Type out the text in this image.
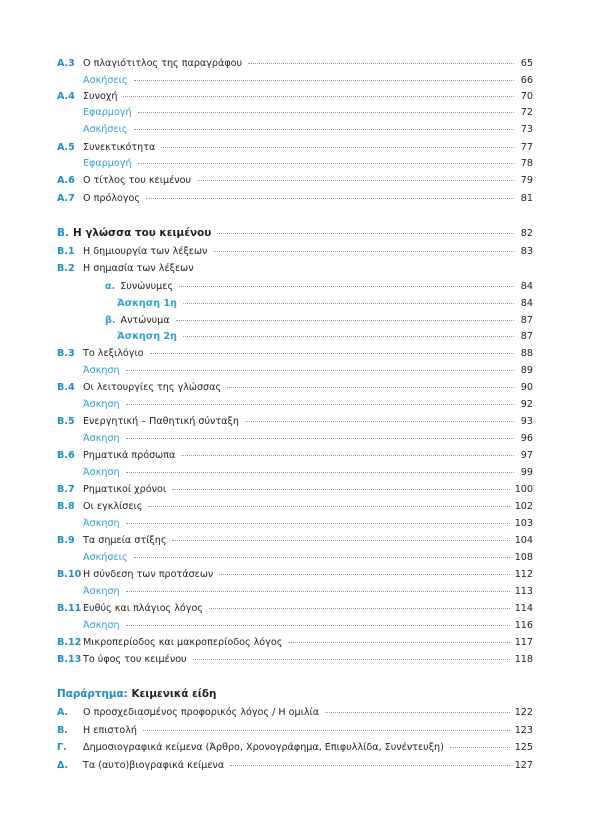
Παράρτημα: Κειμενικά είδη
Α.3 Ο πλαγιότιτλος της παραγράφου	65
Ασκήσεις	66
Α.4 Συνοχή	70
Εφαρμογή	72
Ασκήσεις	73
Α.5 Συνεκτικότητα	77
Εφαρμογή	78
Α.6 Ο τίτλος του κειμένου	79
Α.7 Ο πρόλογος	81
Β. Η γλώσσα του κειμένου	82
Β.1 Η δημιουργία των λέξεων	83
Β.2 Η σημασία των λέξεων
α. Συνώνυμες	84
Άσκηση 1η	84
β. Αντώνυμα	87
Άσκηση 2η	87
Β.3 Το λεξιλόγιο	88
Άσκηση	89
Β.4 Οι λειτουργίες της γλώσσας	90
Άσκηση	92
Β.5 Ενεργητική – Παθητική σύνταξη	93
Άσκηση	96
Β.6 Ρηματικά πρόσωπα	97
Άσκηση	99
Β.7 Ρηματικοί χρόνοι	100
Β.8 Οι εγκλίσεις	102
Άσκηση	103
Β.9 Τα σημεία στίξης	104
Ασκήσεις	108
Β.10 Η σύνδεση των προτάσεων	112
Άσκηση	113
Β.11 Ευθύς και πλάγιος λόγος	114
Άσκηση	116
Β.12 Μικροπερίοδος και μακροπερίοδος λόγος	117
Β.13 Το ύφος του κειμένου	118
Α.	Ο προσχεδιασμένος προφορικός λόγος / Η ομιλία	122
Β.	Η επιστολή	123
Γ.	Δημοσιογραφικά κείμενα (Άρθρο, Χρονογράφημα, Επιφυλλίδα, Συνέντευξη)	125
Δ.	Τα (αυτο)βιογραφικά κείμενα	127
